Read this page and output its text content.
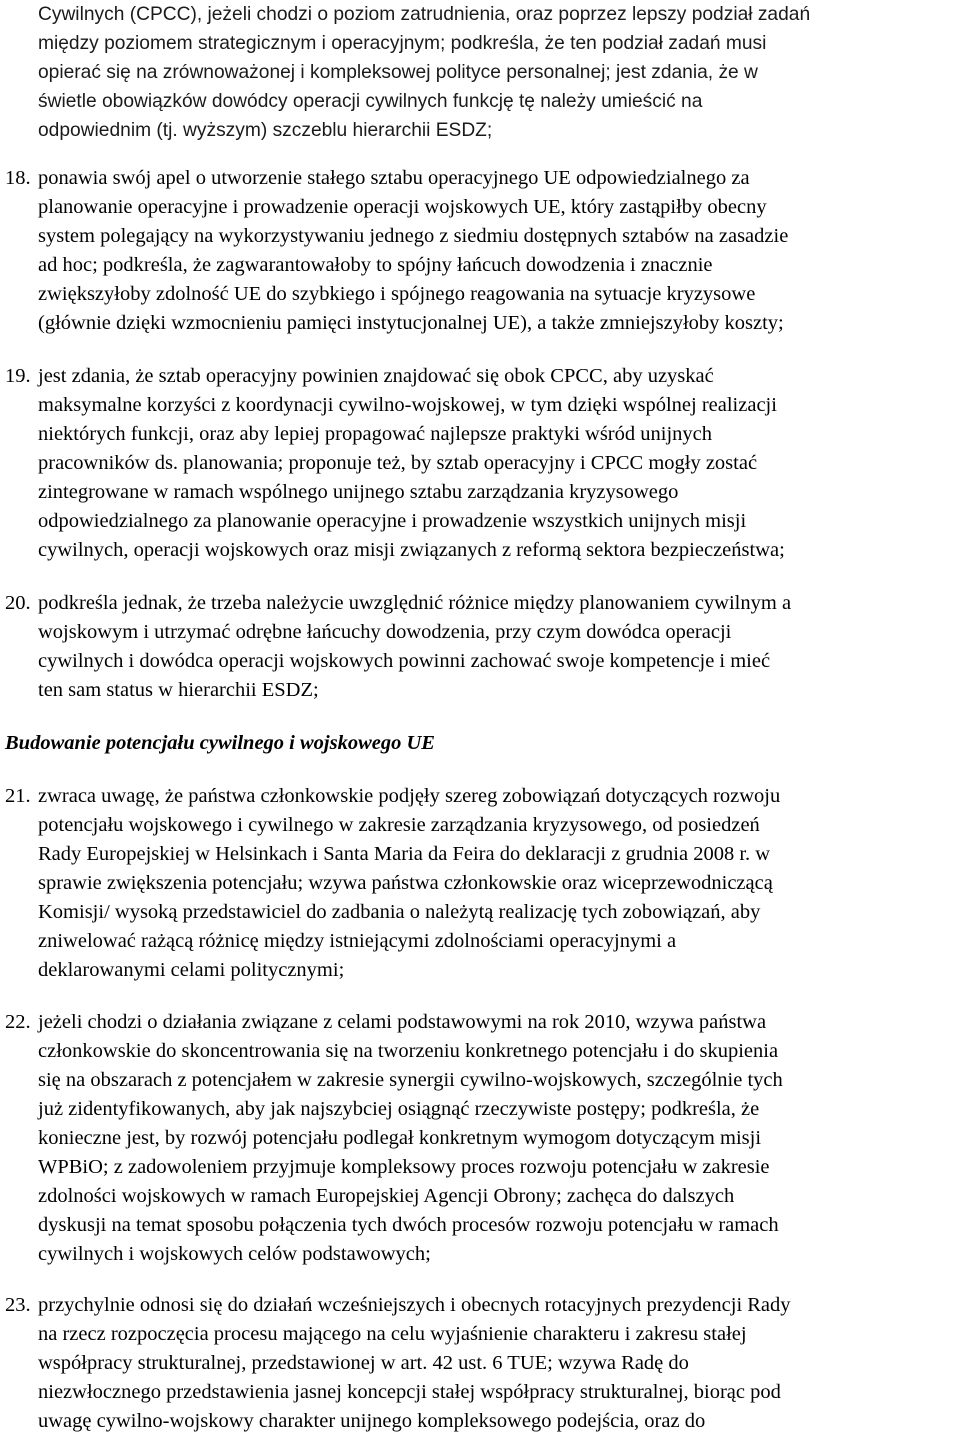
Cywilnych (CPCC), jeżeli chodzi o poziom zatrudnienia, oraz poprzez lepszy podział zadań
między poziomem strategicznym i operacyjnym; podkreśla, że ten podział zadań musi
opierać się na zrównoważonej i kompleksowej polityce personalnej; jest zdania, że w
świetle obowiązków dowódcy operacji cywilnych funkcję tę należy umieścić na
odpowiednim (tj. wyższym) szczeblu hierarchii ESDZ;
18. ponawia swój apel o utworzenie stałego sztabu operacyjnego UE odpowiedzialnego za
planowanie operacyjne i prowadzenie operacji wojskowych UE, który zastąpiłby obecny
system polegający na wykorzystywaniu jednego z siedmiu dostępnych sztabów na zasadzie
ad hoc; podkreśla, że zagwarantowałoby to spójny łańcuch dowodzenia i znacznie
zwiększyłoby zdolność UE do szybkiego i spójnego reagowania na sytuacje kryzysowe
(głównie dzięki wzmocnieniu pamięci instytucjonalnej UE), a także zmniejszyłoby koszty;
19. jest zdania, że sztab operacyjny powinien znajdować się obok CPCC, aby uzyskać
maksymalne korzyści z koordynacji cywilno-wojskowej, w tym dzięki wspólnej realizacji
niektórych funkcji, oraz aby lepiej propagować najlepsze praktyki wśród unijnych
pracowników ds. planowania; proponuje też, by sztab operacyjny i CPCC mogły zostać
zintegrowane w ramach wspólnego unijnego sztabu zarządzania kryzysowego
odpowiedzialnego za planowanie operacyjne i prowadzenie wszystkich unijnych misji
cywilnych, operacji wojskowych oraz misji związanych z reformą sektora bezpieczeństwa;
20. podkreśla jednak, że trzeba należycie uwzględnić różnice między planowaniem cywilnym a
wojskowym i utrzymać odrębne łańcuchy dowodzenia, przy czym dowódca operacji
cywilnych i dowódca operacji wojskowych powinni zachować swoje kompetencje i mieć
ten sam status w hierarchii ESDZ;
Budowanie potencjału cywilnego i wojskowego UE
21. zwraca uwagę, że państwa członkowskie podjęły szereg zobowiązań dotyczących rozwoju
potencjału wojskowego i cywilnego w zakresie zarządzania kryzysowego, od posiedzeń
Rady Europejskiej w Helsinkach i Santa Maria da Feira do deklaracji z grudnia 2008 r. w
sprawie zwiększenia potencjału; wzywa państwa członkowskie oraz wiceprzewodniczącą
Komisji/ wysoką przedstawiciel do zadbania o należytą realizację tych zobowiązań, aby
zniwelować rażącą różnicę między istniejącymi zdolnościami operacyjnymi a
deklarowanymi celami politycznymi;
22. jeżeli chodzi o działania związane z celami podstawowymi na rok 2010, wzywa państwa
członkowskie do skoncentrowania się na tworzeniu konkretnego potencjału i do skupienia
się na obszarach z potencjałem w zakresie synergii cywilno-wojskowych, szczególnie tych
już zidentyfikowanych, aby jak najszybciej osiągnąć rzeczywiste postępy; podkreśla, że
konieczne jest, by rozwój potencjału podlegał konkretnym wymogom dotyczącym misji
WPBiO; z zadowoleniem przyjmuje kompleksowy proces rozwoju potencjału w zakresie
zdolności wojskowych w ramach Europejskiej Agencji Obrony; zachęca do dalszych
dyskusji na temat sposobu połączenia tych dwóch procesów rozwoju potencjału w ramach
cywilnych i wojskowych celów podstawowych;
23. przychylnie odnosi się do działań wcześniejszych i obecnych rotacyjnych prezydencji Rady
na rzecz rozpoczęcia procesu mającego na celu wyjaśnienie charakteru i zakresu stałej
współpracy strukturalnej, przedstawionej w art. 42 ust. 6 TUE; wzywa Radę do
niezwłocznego przedstawienia jasnej koncepcji stałej współpracy strukturalnej, biorąc pod
uwagę cywilno-wojskowy charakter unijnego kompleksowego podejścia, oraz do
